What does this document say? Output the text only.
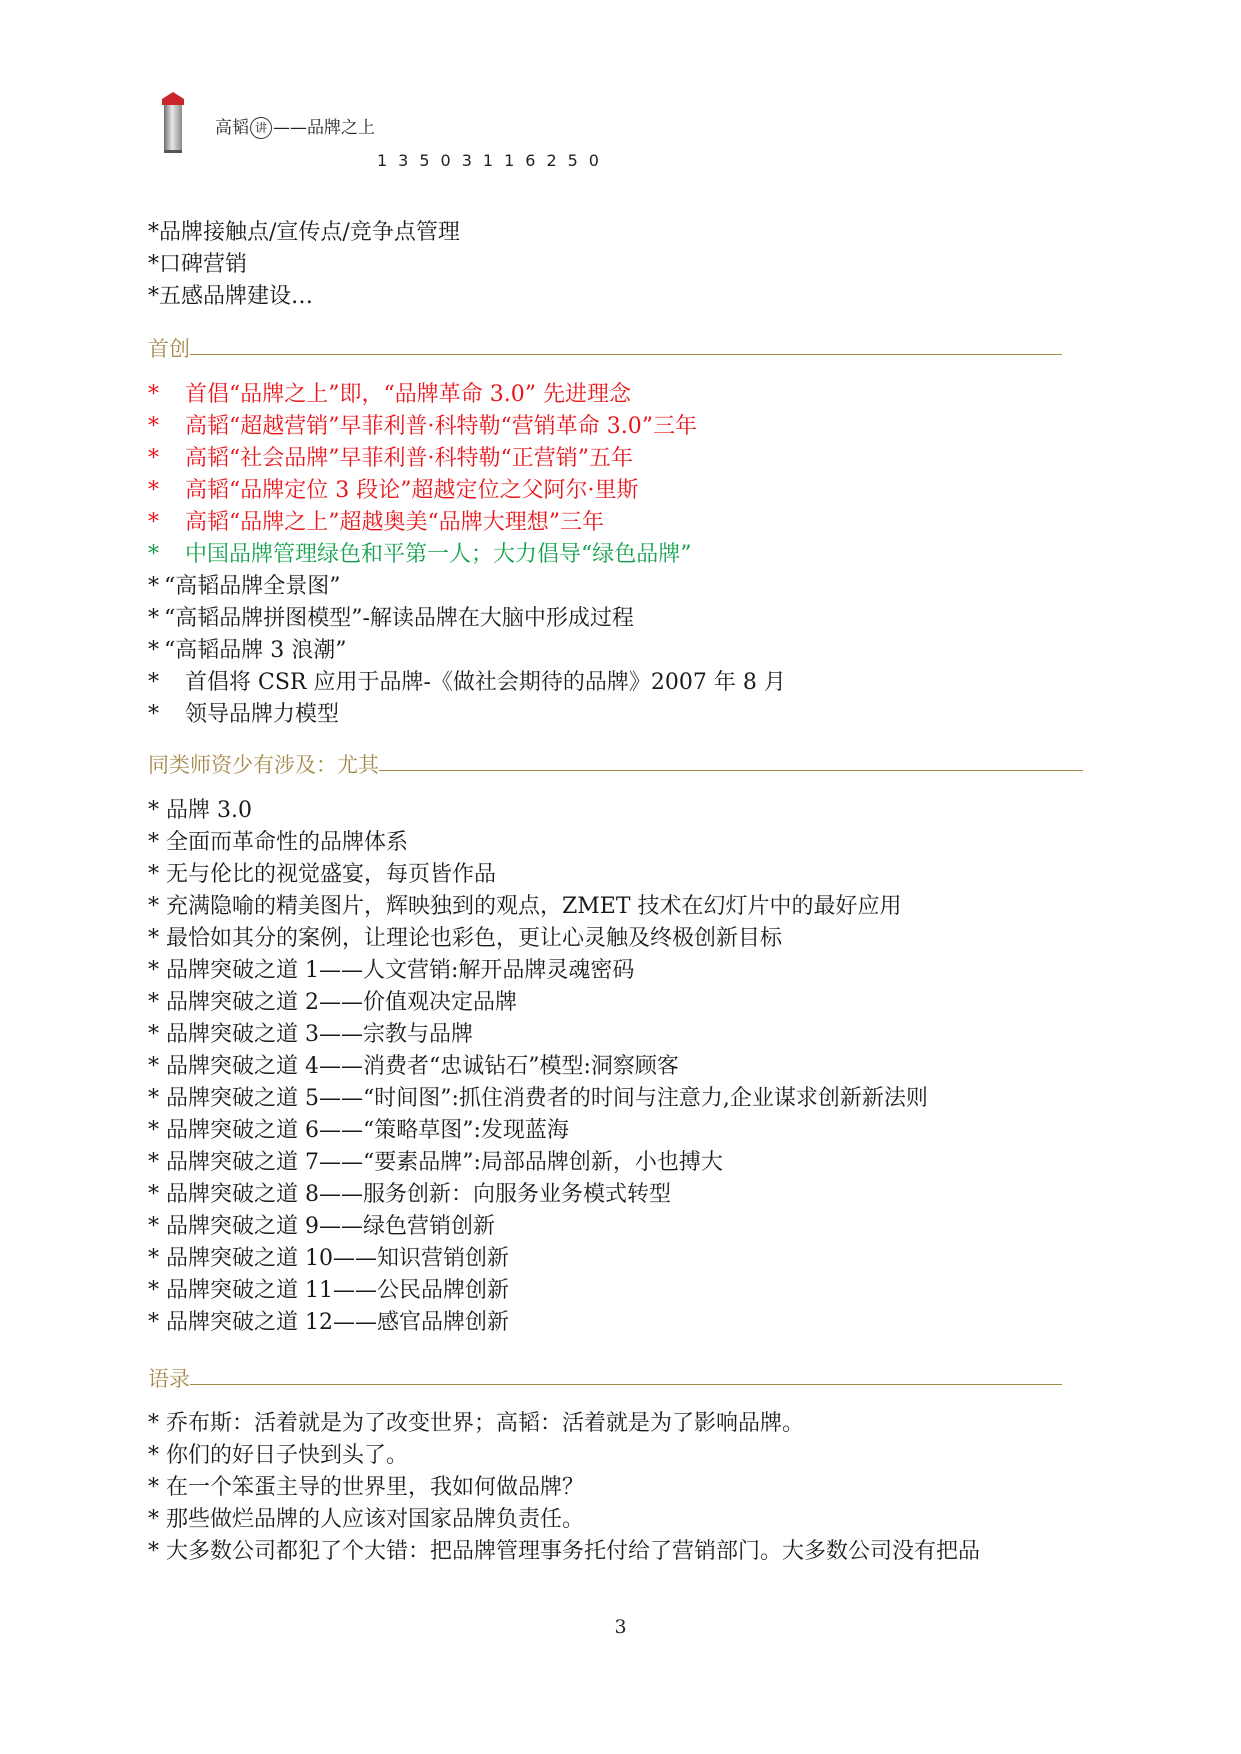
高韬 讲 ——品牌之上
13503116250
*品牌接触点/宣传点/竞争点管理
*口碑营销
*五感品牌建设…
首创
* 首倡“品牌之上”即，“品牌革命 3.0” 先进理念
* 高韬“超越营销”早菲利普·科特勒“营销革命 3.0”三年
* 高韬“社会品牌”早菲利普·科特勒“正营销”五年
* 高韬“品牌定位 3 段论”超越定位之父阿尔·里斯
* 高韬“品牌之上”超越奥美“品牌大理想”三年
* 中国品牌管理绿色和平第一人；大力倡导“绿色品牌”
* “高韬品牌全景图”
* “高韬品牌拼图模型”-解读品牌在大脑中形成过程
* “高韬品牌 3 浪潮”
* 首倡将 CSR 应用于品牌-《做社会期待的品牌》2007 年 8 月
* 领导品牌力模型
同类师资少有涉及：尤其
* 品牌 3.0
* 全面而革命性的品牌体系
* 无与伦比的视觉盛宴，每页皆作品
* 充满隐喻的精美图片，辉映独到的观点，ZMET 技术在幻灯片中的最好应用
* 最恰如其分的案例，让理论也彩色，更让心灵触及终极创新目标
* 品牌突破之道 1——人文营销:解开品牌灵魂密码
* 品牌突破之道 2——价值观决定品牌
* 品牌突破之道 3——宗教与品牌
* 品牌突破之道 4——消费者“忠诚钻石”模型:洞察顾客
* 品牌突破之道 5——“时间图”:抓住消费者的时间与注意力,企业谋求创新新法则
* 品牌突破之道 6——“策略草图”:发现蓝海
* 品牌突破之道 7——“要素品牌”:局部品牌创新，小也搏大
* 品牌突破之道 8——服务创新：向服务业务模式转型
* 品牌突破之道 9——绿色营销创新
* 品牌突破之道 10——知识营销创新
* 品牌突破之道 11——公民品牌创新
* 品牌突破之道 12——感官品牌创新
语录
* 乔布斯：活着就是为了改变世界；高韬：活着就是为了影响品牌。
* 你们的好日子快到头了。
* 在一个笨蛋主导的世界里，我如何做品牌？
* 那些做烂品牌的人应该对国家品牌负责任。
* 大多数公司都犯了个大错：把品牌管理事务托付给了营销部门。大多数公司没有把品
3
